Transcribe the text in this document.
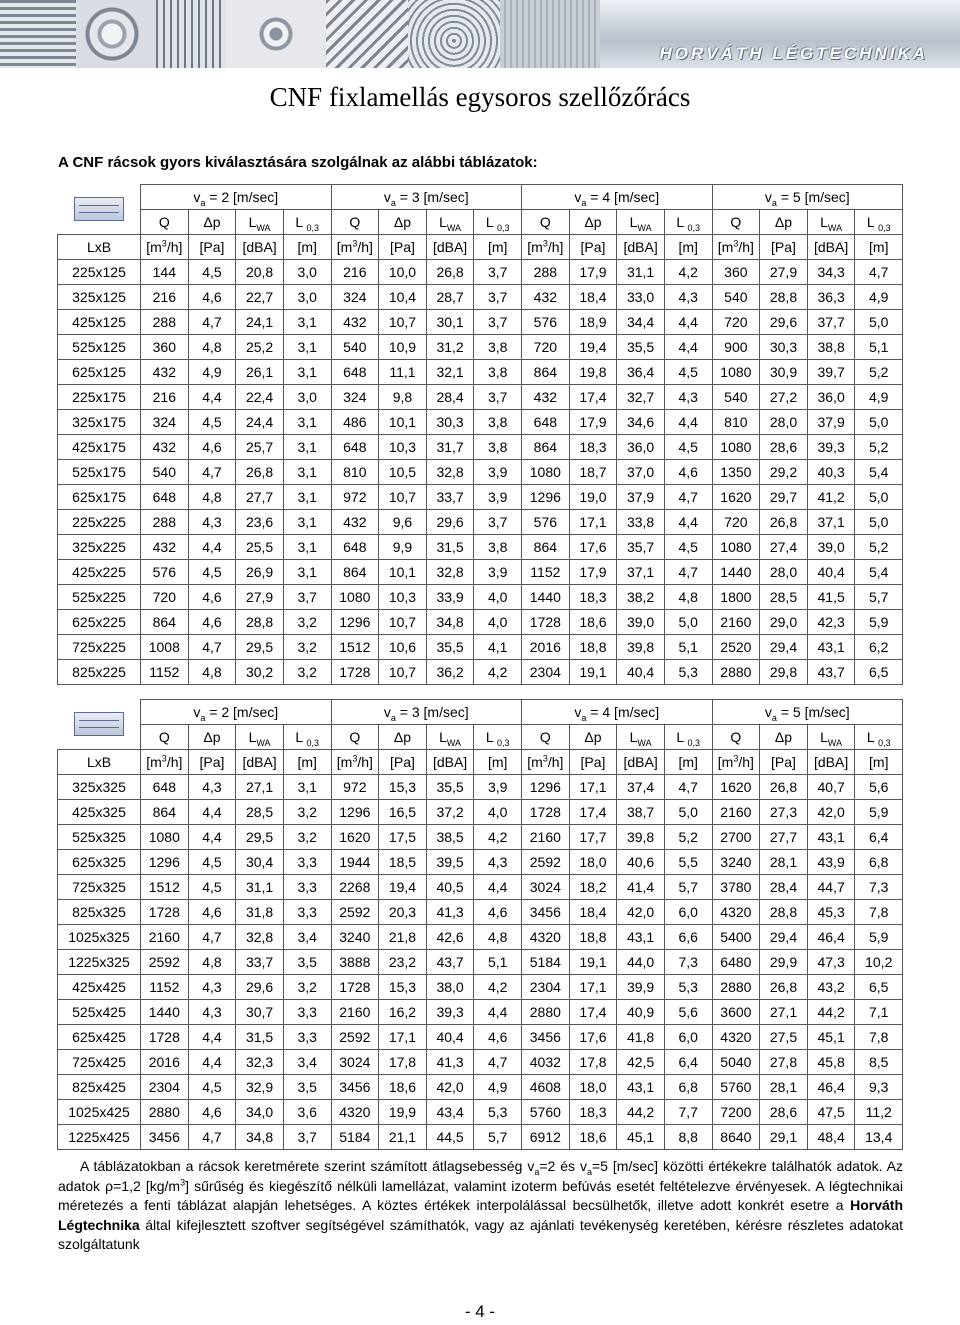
HORVÁTH LÉGTECHNIKA
CNF fixlamellás egysoros szellőzőrács
A CNF rácsok gyors kiválasztására szolgálnak az alábbi táblázatok:
	$v_a = 2$ [m/sec]				$v_a = 3$ [m/sec]				$v_a = 4$ [m/sec]				$v_a = 5$ [m/sec]			
	Q	Δp	$L_{WA}$	L $_{0,3}$	Q	Δp	$L_{WA}$	L $_{0,3}$	Q	Δp	$L_{WA}$	L $_{0,3}$	Q	Δp	$L_{WA}$	L $_{0,3}$
LxB	$[m^3/h]$	[Pa]	[dBA]	[m]	$[m^3/h]$	[Pa]	[dBA]	[m]	$[m^3/h]$	[Pa]	[dBA]	[m]	$[m^3/h]$	[Pa]	[dBA]	[m]
225x125	144	4,5	20,8	3,0	216	10,0	26,8	3,7	288	17,9	31,1	4,2	360	27,9	34,3	4,7
325x125	216	4,6	22,7	3,0	324	10,4	28,7	3,7	432	18,4	33,0	4,3	540	28,8	36,3	4,9
425x125	288	4,7	24,1	3,1	432	10,7	30,1	3,7	576	18,9	34,4	4,4	720	29,6	37,7	5,0
525x125	360	4,8	25,2	3,1	540	10,9	31,2	3,8	720	19,4	35,5	4,4	900	30,3	38,8	5,1
625x125	432	4,9	26,1	3,1	648	11,1	32,1	3,8	864	19,8	36,4	4,5	1080	30,9	39,7	5,2
225x175	216	4,4	22,4	3,0	324	9,8	28,4	3,7	432	17,4	32,7	4,3	540	27,2	36,0	4,9
325x175	324	4,5	24,4	3,1	486	10,1	30,3	3,8	648	17,9	34,6	4,4	810	28,0	37,9	5,0
425x175	432	4,6	25,7	3,1	648	10,3	31,7	3,8	864	18,3	36,0	4,5	1080	28,6	39,3	5,2
525x175	540	4,7	26,8	3,1	810	10,5	32,8	3,9	1080	18,7	37,0	4,6	1350	29,2	40,3	5,4
625x175	648	4,8	27,7	3,1	972	10,7	33,7	3,9	1296	19,0	37,9	4,7	1620	29,7	41,2	5,0
225x225	288	4,3	23,6	3,1	432	9,6	29,6	3,7	576	17,1	33,8	4,4	720	26,8	37,1	5,0
325x225	432	4,4	25,5	3,1	648	9,9	31,5	3,8	864	17,6	35,7	4,5	1080	27,4	39,0	5,2
425x225	576	4,5	26,9	3,1	864	10,1	32,8	3,9	1152	17,9	37,1	4,7	1440	28,0	40,4	5,4
525x225	720	4,6	27,9	3,7	1080	10,3	33,9	4,0	1440	18,3	38,2	4,8	1800	28,5	41,5	5,7
625x225	864	4,6	28,8	3,2	1296	10,7	34,8	4,0	1728	18,6	39,0	5,0	2160	29,0	42,3	5,9
725x225	1008	4,7	29,5	3,2	1512	10,6	35,5	4,1	2016	18,8	39,8	5,1	2520	29,4	43,1	6,2
825x225	1152	4,8	30,2	3,2	1728	10,7	36,2	4,2	2304	19,1	40,4	5,3	2880	29,8	43,7	6,5
	$v_a = 2$ [m/sec]				$v_a = 3$ [m/sec]				$v_a = 4$ [m/sec]				$v_a = 5$ [m/sec]			
	Q	Δp	$L_{WA}$	L $_{0,3}$	Q	Δp	$L_{WA}$	L $_{0,3}$	Q	Δp	$L_{WA}$	L $_{0,3}$	Q	Δp	$L_{WA}$	L $_{0,3}$
LxB	$[m^3/h]$	[Pa]	[dBA]	[m]	$[m^3/h]$	[Pa]	[dBA]	[m]	$[m^3/h]$	[Pa]	[dBA]	[m]	$[m^3/h]$	[Pa]	[dBA]	[m]
325x325	648	4,3	27,1	3,1	972	15,3	35,5	3,9	1296	17,1	37,4	4,7	1620	26,8	40,7	5,6
425x325	864	4,4	28,5	3,2	1296	16,5	37,2	4,0	1728	17,4	38,7	5,0	2160	27,3	42,0	5,9
525x325	1080	4,4	29,5	3,2	1620	17,5	38,5	4,2	2160	17,7	39,8	5,2	2700	27,7	43,1	6,4
625x325	1296	4,5	30,4	3,3	1944	18,5	39,5	4,3	2592	18,0	40,6	5,5	3240	28,1	43,9	6,8
725x325	1512	4,5	31,1	3,3	2268	19,4	40,5	4,4	3024	18,2	41,4	5,7	3780	28,4	44,7	7,3
825x325	1728	4,6	31,8	3,3	2592	20,3	41,3	4,6	3456	18,4	42,0	6,0	4320	28,8	45,3	7,8
1025x325	2160	4,7	32,8	3,4	3240	21,8	42,6	4,8	4320	18,8	43,1	6,6	5400	29,4	46,4	5,9
1225x325	2592	4,8	33,7	3,5	3888	23,2	43,7	5,1	5184	19,1	44,0	7,3	6480	29,9	47,3	10,2
425x425	1152	4,3	29,6	3,2	1728	15,3	38,0	4,2	2304	17,1	39,9	5,3	2880	26,8	43,2	6,5
525x425	1440	4,3	30,7	3,3	2160	16,2	39,3	4,4	2880	17,4	40,9	5,6	3600	27,1	44,2	7,1
625x425	1728	4,4	31,5	3,3	2592	17,1	40,4	4,6	3456	17,6	41,8	6,0	4320	27,5	45,1	7,8
725x425	2016	4,4	32,3	3,4	3024	17,8	41,3	4,7	4032	17,8	42,5	6,4	5040	27,8	45,8	8,5
825x425	2304	4,5	32,9	3,5	3456	18,6	42,0	4,9	4608	18,0	43,1	6,8	5760	28,1	46,4	9,3
1025x425	2880	4,6	34,0	3,6	4320	19,9	43,4	5,3	5760	18,3	44,2	7,7	7200	28,6	47,5	11,2
1225x425	3456	4,7	34,8	3,7	5184	21,1	44,5	5,7	6912	18,6	45,1	8,8	8640	29,1	48,4	13,4

A táblázatokban a rácsok keretmérete szerint számított átlagsebesség $v_a=2$ és $v_a=5$ [m/sec] közötti értékekre találhatók adatok. Az adatok ρ=1,2 $[kg/m^3]$ sűrűség és kiegészítő nélküli lamellázat, valamint izoterm befúvás esetét feltételezve érvényesek. A légtechnikai méretezés a fenti táblázat alapján lehetséges. A köztes értékek interpolálással becsülhetők, illetve adott konkrét esetre a Horváth Légtechnika által kifejlesztett szoftver segítségével számíthatók, vagy az ajánlati tevékenység keretében, kérésre részletes adatokat szolgáltatunk

- 4 -
